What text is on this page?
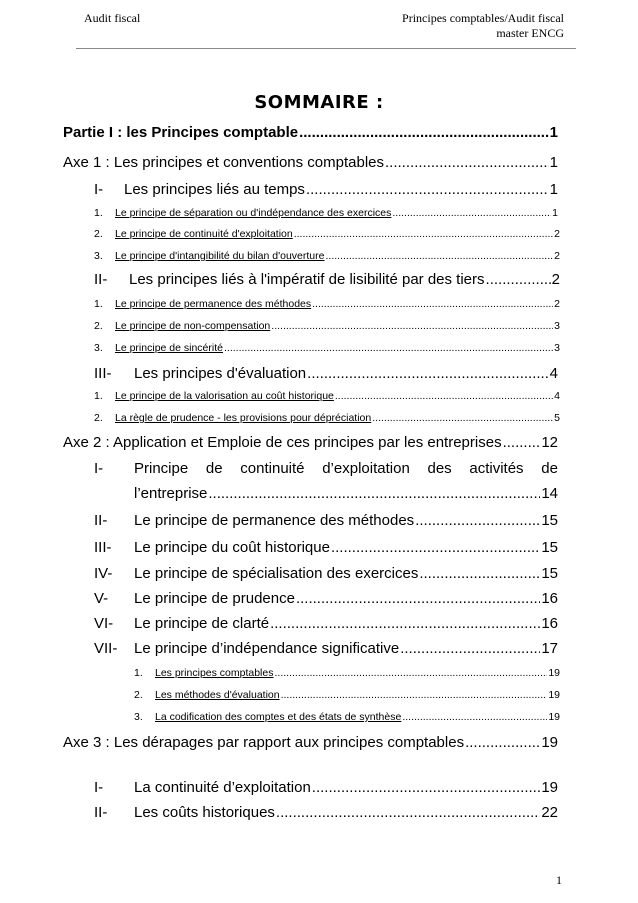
Audit fiscal	Principes comptables/Audit fiscal
master ENCG
SOMMAIRE :
Partie I : les Principes comptable .....	1
Axe 1 : Les principes et conventions comptables .....	1
I-	Les principes liés au temps .....	1
1.	Le principe de séparation ou d'indépendance des exercices .....	1
2.	Le principe de continuité d'exploitation .....	2
3.	Le principe d'intangibilité du bilan d'ouverture .....	2
II-	Les principes liés à l'impératif de lisibilité par des tiers .....	2
1.	Le principe de permanence des méthodes .....	2
2.	Le principe de non-compensation .....	3
3.	Le principe de sincérité .....	3
III-	Les principes d'évaluation .....	4
1.	Le principe de la valorisation au coût historique .....	4
2.	La règle de prudence - les provisions pour dépréciation .....	5
Axe 2 : Application et Emploie de ces principes par les entreprises .....	12
I- Principe de continuité d’exploitation des activités de
l’entreprise .....	14
II-	Le principe de permanence des méthodes .....	15
III-	Le principe du coût historique .....	15
IV-	Le principe de spécialisation des exercices .....	15
V-	Le principe de prudence .....	16
VI-	Le principe de clarté .....	16
VII-	Le principe d’indépendance significative .....	17
1.	Les principes comptables .....	19
2.	Les méthodes d'évaluation .....	19
3.	La codification des comptes et des états de synthèse .....	19
Axe 3 : Les dérapages par rapport aux principes comptables .....	19
I-	La continuité d’exploitation .....	19
II-	Les coûts historiques .....	22
1
